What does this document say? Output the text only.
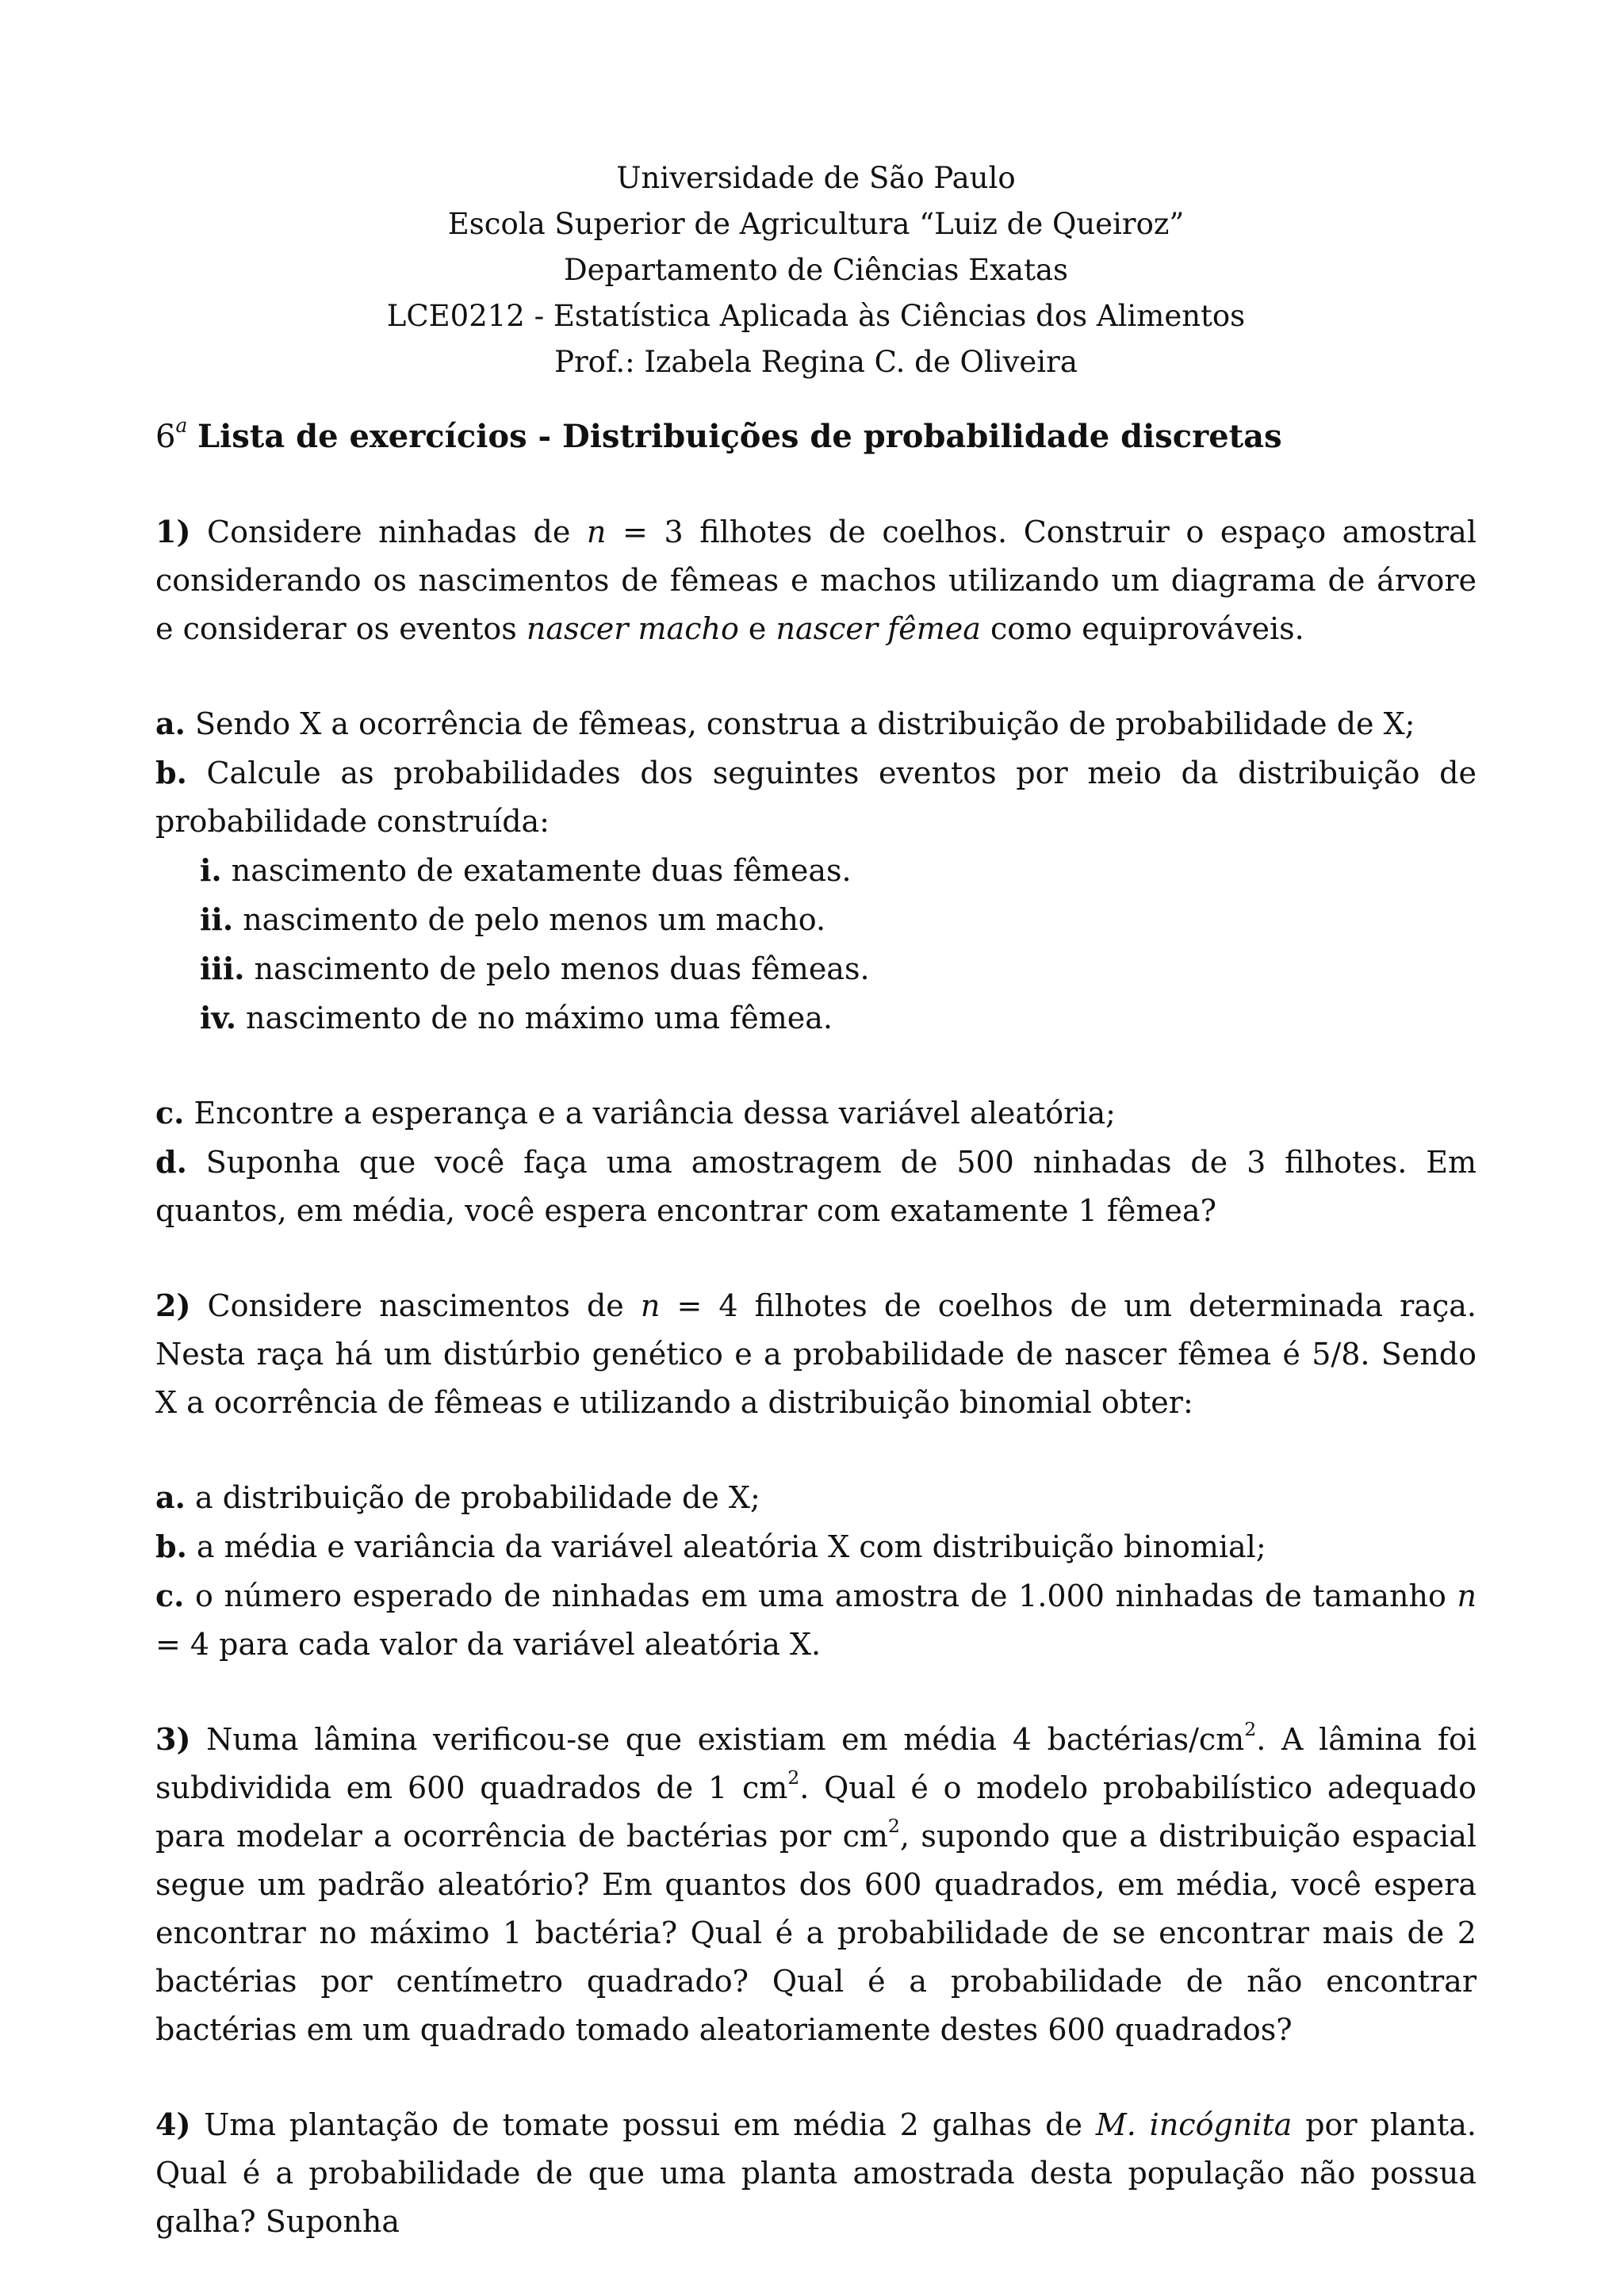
Universidade de São Paulo
Escola Superior de Agricultura “Luiz de Queiroz”
Departamento de Ciências Exatas
LCE0212 - Estatística Aplicada às Ciências dos Alimentos
Prof.: Izabela Regina C. de Oliveira
6$^a$ Lista de exercícios - Distribuições de probabilidade discretas
1) Considere ninhadas de n = 3 filhotes de coelhos. Construir o espaço amostral considerando os nascimentos de fêmeas e machos utilizando um diagrama de árvore e considerar os eventos nascer macho e nascer fêmea como equiprováveis.
a. Sendo X a ocorrência de fêmeas, construa a distribuição de probabilidade de X;
b. Calcule as probabilidades dos seguintes eventos por meio da distribuição de probabilidade construída:
i. nascimento de exatamente duas fêmeas.
ii. nascimento de pelo menos um macho.
iii. nascimento de pelo menos duas fêmeas.
iv. nascimento de no máximo uma fêmea.
c. Encontre a esperança e a variância dessa variável aleatória;
d. Suponha que você faça uma amostragem de 500 ninhadas de 3 filhotes. Em quantos, em média, você espera encontrar com exatamente 1 fêmea?
2) Considere nascimentos de n = 4 filhotes de coelhos de um determinada raça. Nesta raça há um distúrbio genético e a probabilidade de nascer fêmea é 5/8. Sendo X a ocorrência de fêmeas e utilizando a distribuição binomial obter:
a. a distribuição de probabilidade de X;
b. a média e variância da variável aleatória X com distribuição binomial;
c. o número esperado de ninhadas em uma amostra de 1.000 ninhadas de tamanho n = 4 para cada valor da variável aleatória X.
3) Numa lâmina verificou-se que existiam em média 4 bactérias/$cm^2$. A lâmina foi subdividida em 600 quadrados de 1 $cm^2$. Qual é o modelo probabilístico adequado para modelar a ocorrência de bactérias por $cm^2$, supondo que a distribuição espacial segue um padrão aleatório? Em quantos dos 600 quadrados, em média, você espera encontrar no máximo 1 bactéria? Qual é a probabilidade de se encontrar mais de 2 bactérias por centímetro quadrado? Qual é a probabilidade de não encontrar bactérias em um quadrado tomado aleatoriamente destes 600 quadrados?
4) Uma plantação de tomate possui em média 2 galhas de M. incógnita por planta. Qual é a probabilidade de que uma planta amostrada desta população não possua galha? Suponha
